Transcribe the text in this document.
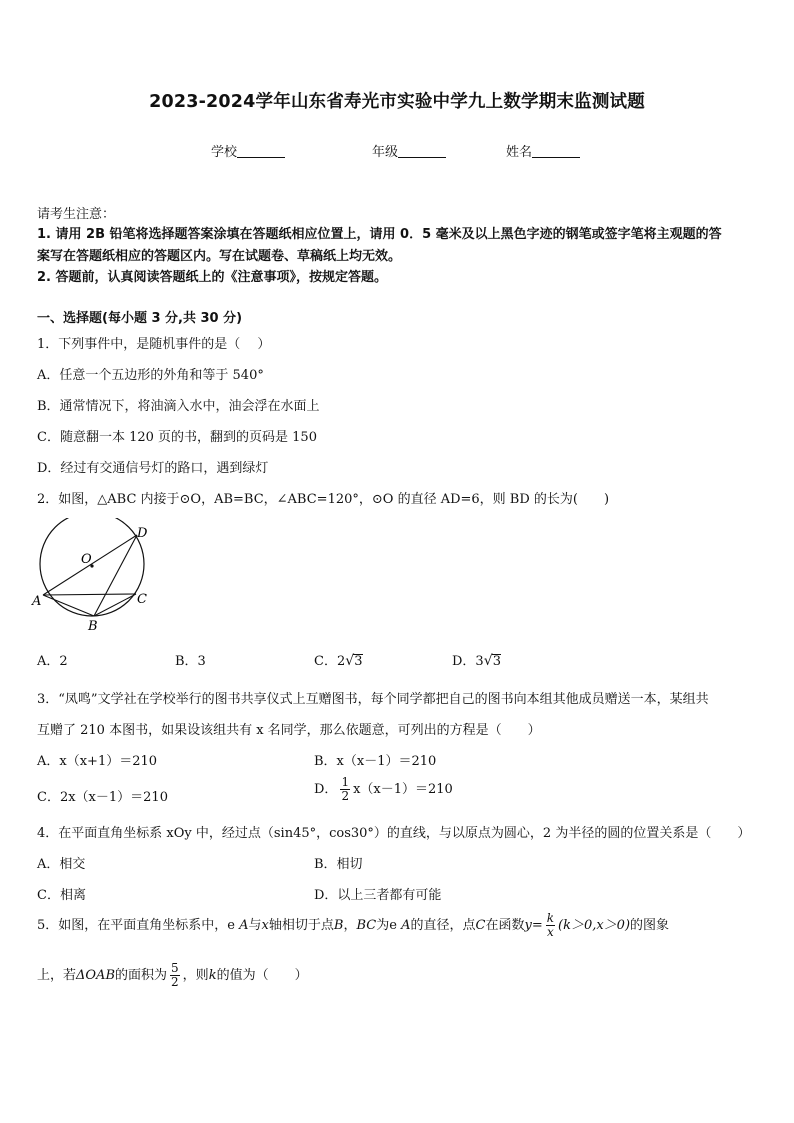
2023-2024学年山东省寿光市实验中学九上数学期末监测试题
学校	年级	姓名
请考生注意：
1. 请用 2B 铅笔将选择题答案涂填在答题纸相应位置上，请用 0．5 毫米及以上黑色字迹的钢笔或签字笔将主观题的答
案写在答题纸相应的答题区内。写在试题卷、草稿纸上均无效。
2. 答题前，认真阅读答题纸上的《注意事项》，按规定答题。
一、选择题(每小题 3 分,共 30 分)
1．下列事件中，是随机事件的是（　 ）
A．任意一个五边形的外角和等于 540°
B．通常情况下，将油滴入水中，油会浮在水面上
C．随意翻一本 120 页的书，翻到的页码是 150
D．经过有交通信号灯的路口，遇到绿灯
2．如图，△ABC 内接于⊙O，AB=BC，∠ABC=120°，⊙O 的直径 AD=6，则 BD 的长为(　　)
O
D
A
B
C
A．2	B．3	C．2 √ 3	D．3 √ 3
3．“凤鸣”文学社在学校举行的图书共享仪式上互赠图书，每个同学都把自己的图书向本组其他成员赠送一本，某组共
互赠了 210 本图书，如果设该组共有 x 名同学，那么依题意，可列出的方程是（　　）
A．x（x+1）＝210	B．x（x－1）＝210
C．2x（x－1）＝210
D． $\frac{1}{2} x(x-1)=210$
4．在平面直角坐标系 xOy 中，经过点（sin45°，cos30°）的直线，与以原点为圆心，2 为半径的圆的位置关系是（　　）
A．相交	B．相切
C．相离	D．以上三者都有可能
5．如图，在平面直角坐标系中，e A与x轴相切于点B，BC为e A的直径，点C在函数$y= \frac{k}{x} (k>0,x>0)$的图象
上，若ΔOAB的面积为 $\frac{5}{2}$ ，则k的值为（　　）
